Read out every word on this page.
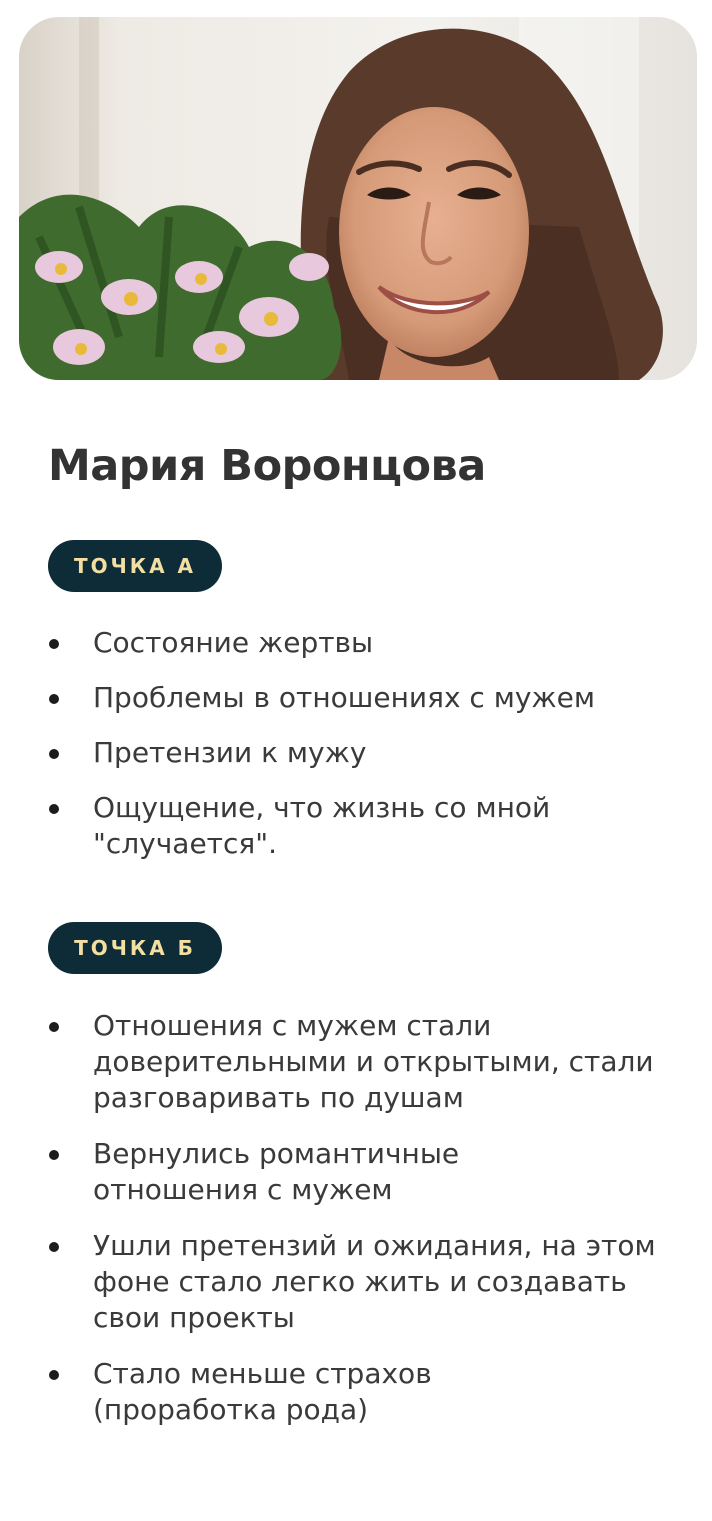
Мария Воронцова
ТОЧКА А
Состояние жертвы
Проблемы в отношениях с мужем
Претензии к мужу
Ощущение, что жизнь со мной "случается".
ТОЧКА Б
Отношения с мужем стали доверительными и открытыми, стали разговаривать по душам
Вернулись романтичные отношения с мужем
Ушли претензий и ожидания, на этом фоне стало легко жить и создавать свои проекты
Стало меньше страхов (проработка рода)
